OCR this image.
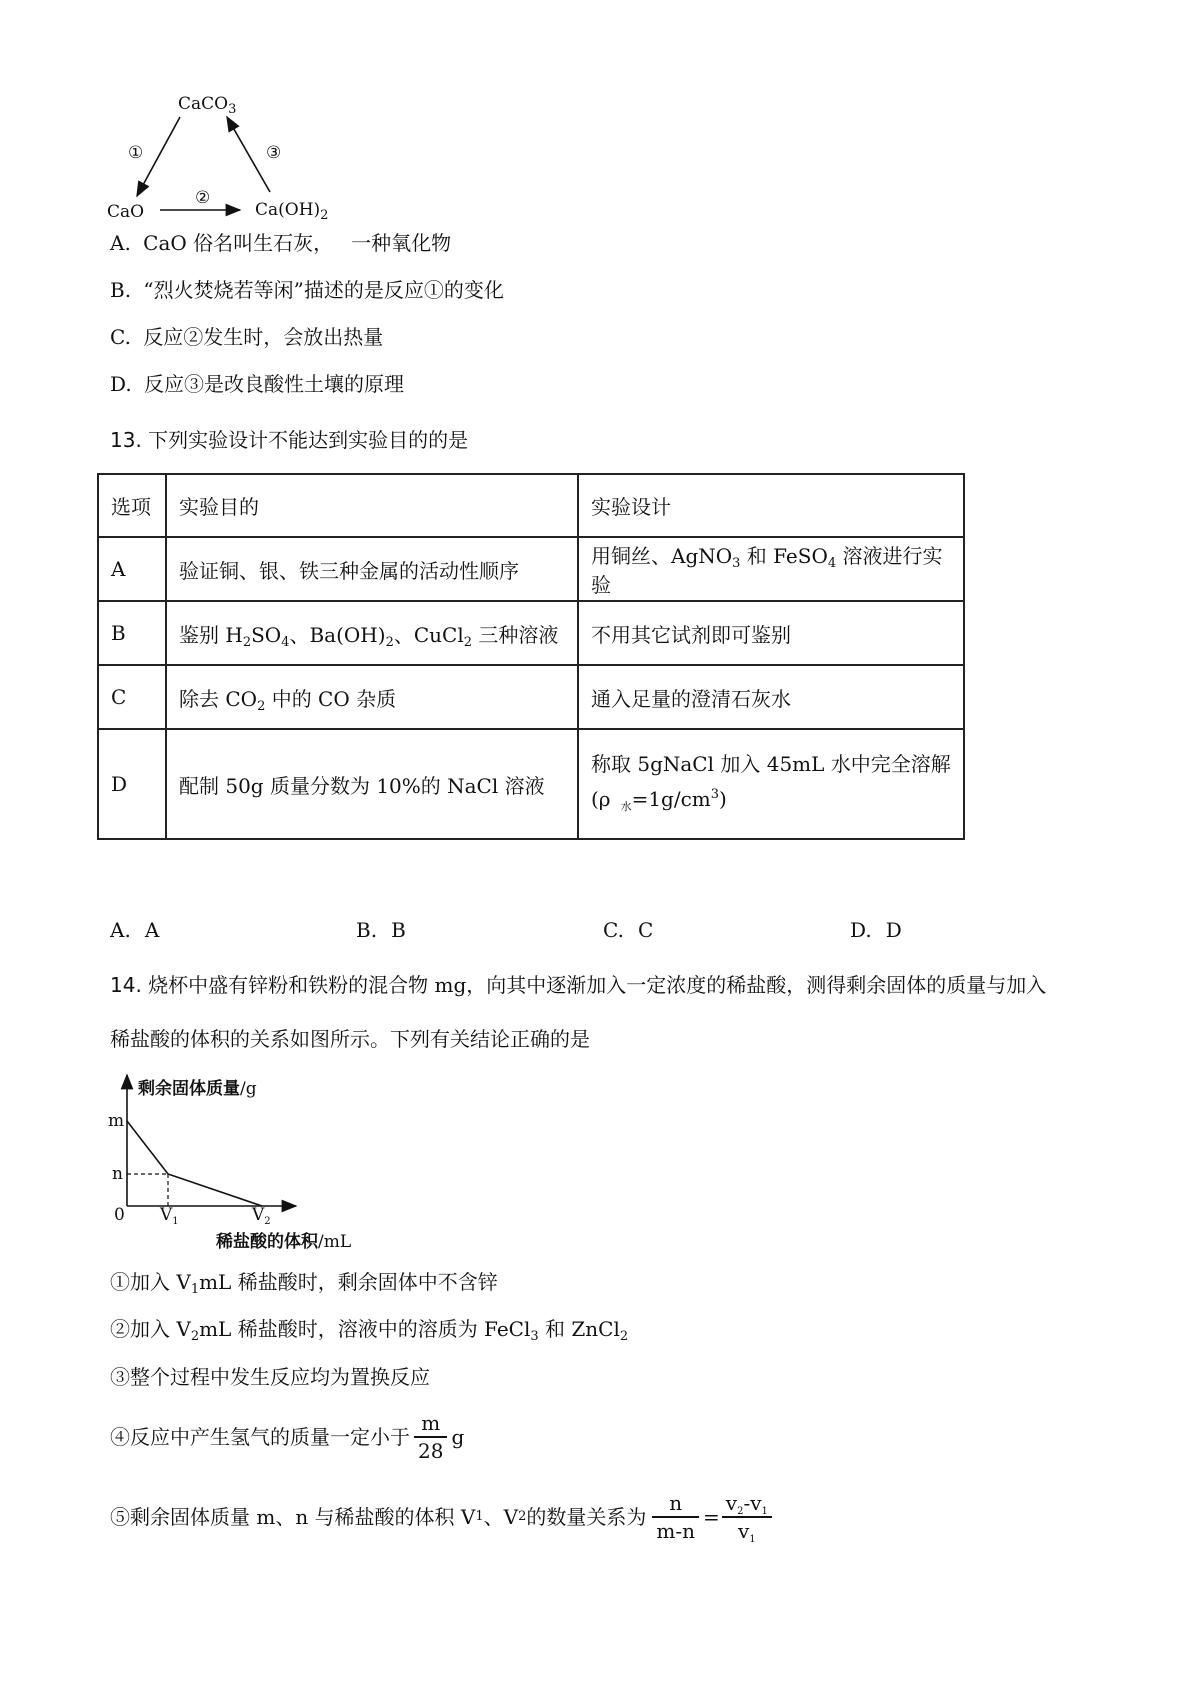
CaCO$_3$
CaO	$Ca(OH)_2$
①
②
③
A. CaO 俗名叫生石灰， 一种氧化物
B. “烈火焚烧若等闲”描述的是反应①的变化
C. 反应②发生时，会放出热量
D. 反应③是改良酸性土壤的原理
13. 下列实验设计不能达到实验目的的是
选项	实验目的	实验设计
A	验证铜、银、铁三种金属的活动性顺序	用铜丝、AgNO$_3$ 和 FeSO$_4$ 溶液进行实验
B	鉴别 $H_2SO_4$、$Ba(OH)_2$、CuCl$_2$ 三种溶液	不用其它试剂即可鉴别
C	除去 $CO_2$ 中的 CO 杂质	通入足量的澄清石灰水
D	配制 50g 质量分数为 10%的 NaCl 溶液	称取 5gNaCl 加入 45mL 水中完全溶解
(ρ $_水=1g/cm^3$)
A. A	B. B	C. C	D. D
14. 烧杯中盛有锌粉和铁粉的混合物 mg，向其中逐渐加入一定浓度的稀盐酸，测得剩余固体的质量与加入
稀盐酸的体积的关系如图所示。下列有关结论正确的是
剩余固体质量/g
稀盐酸的体积/mL
m
n
0 $V_1$	$V_2$
①加入 $V_1mL$ 稀盐酸时，剩余固体中不含锌
②加入 $V_2mL$ 稀盐酸时，溶液中的溶质为 FeCl$_3$ 和 ZnCl$_2$
③整个过程中发生反应均为置换反应
④反应中产生氢气的质量一定小于 $\frac{m}{28}$ g
⑤剩余固体质量 m、n 与稀盐酸的体积 V 1 、V 2 的数量关系为 $\frac{n}{m-n} = \frac{v_2-v_1}{v_1}$
